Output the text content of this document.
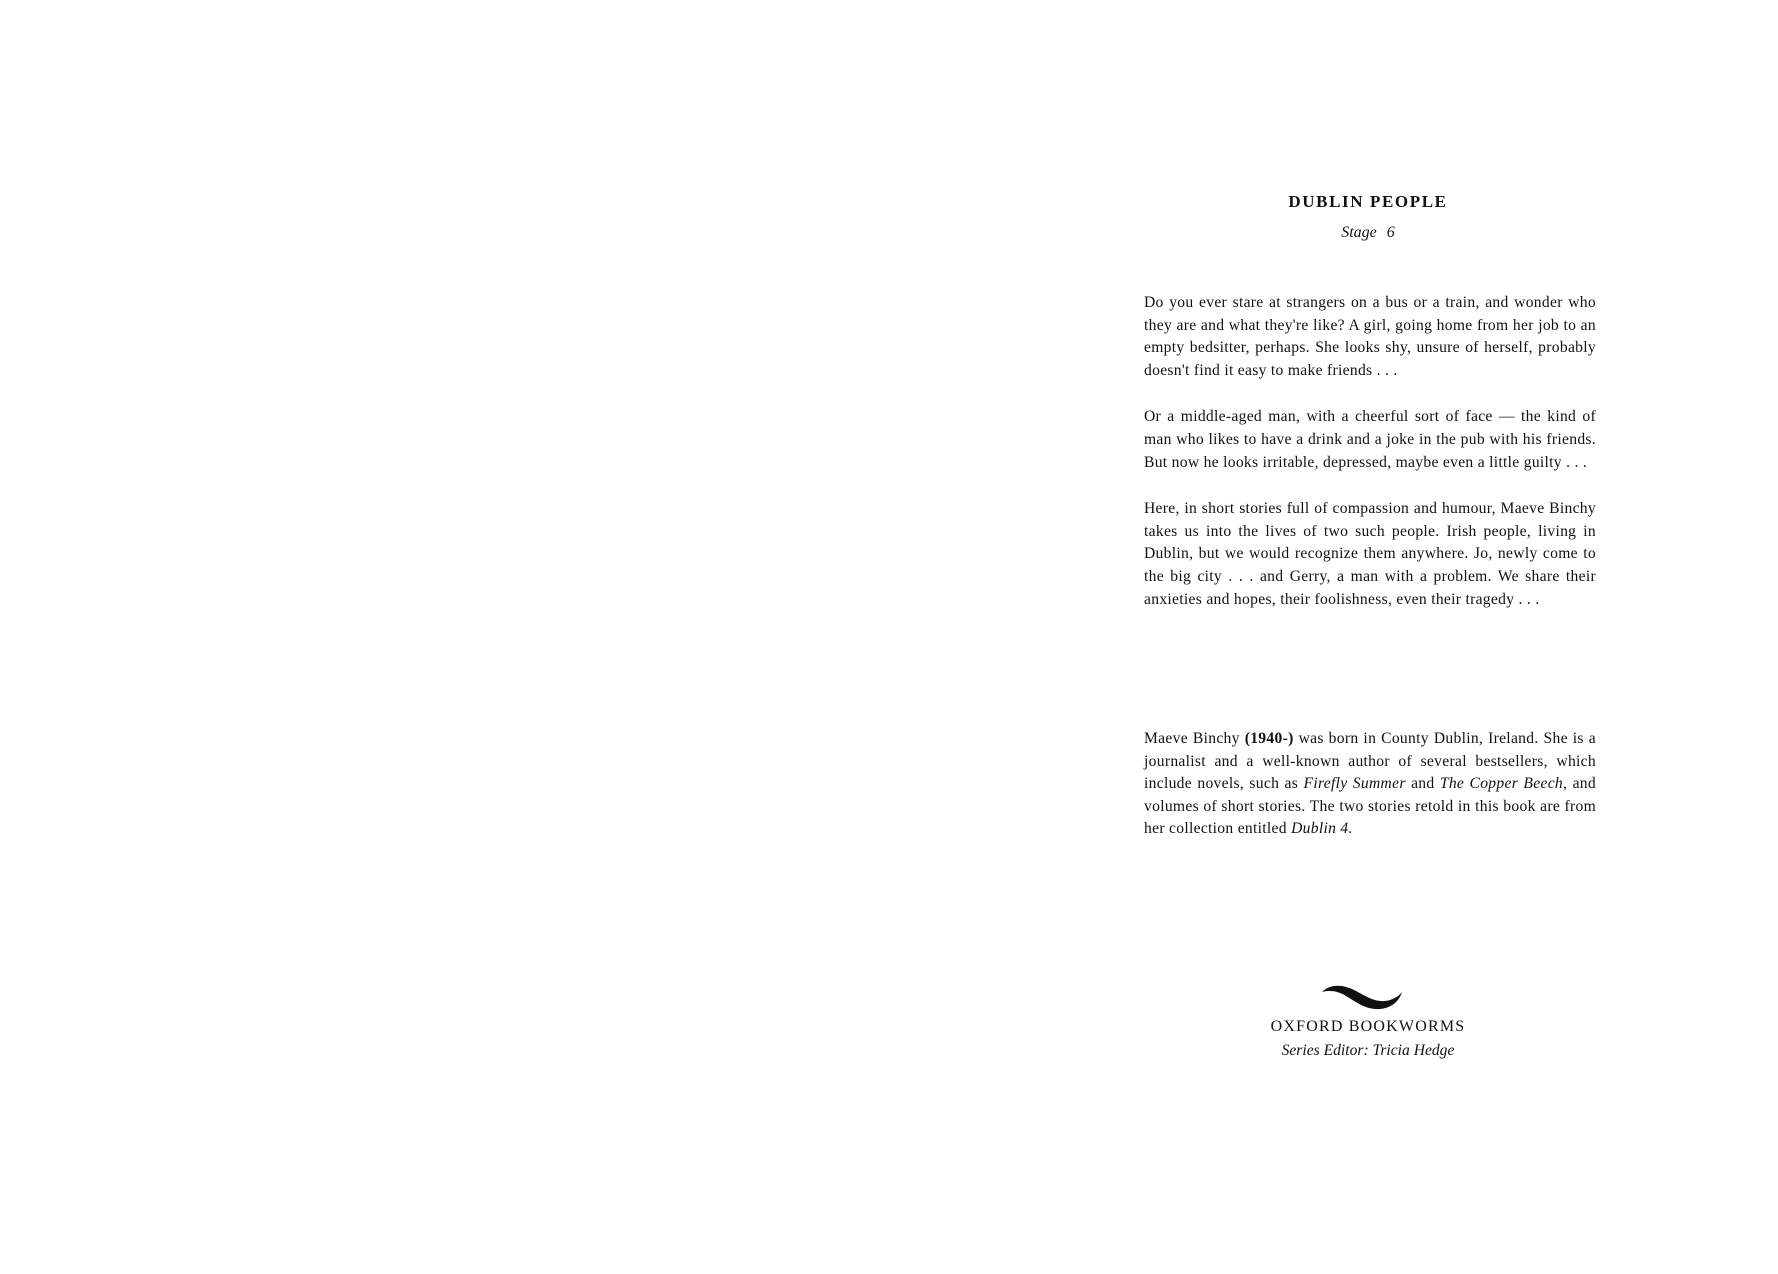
DUBLIN PEOPLE

Stage 6

Do you ever stare at strangers on a bus or a train, and wonder who they are and what they're like? A girl, going home from her job to an empty bedsitter, perhaps. She looks shy, unsure of herself, probably doesn't find it easy to make friends . . .

Or a middle-aged man, with a cheerful sort of face — the kind of man who likes to have a drink and a joke in the pub with his friends. But now he looks irritable, depressed, maybe even a little guilty . . .

Here, in short stories full of compassion and humour, Maeve Binchy takes us into the lives of two such people. Irish people, living in Dublin, but we would recognize them anywhere. Jo, newly come to the big city . . . and Gerry, a man with a problem. We share their anxieties and hopes, their foolishness, even their tragedy . . .

Maeve Binchy (1940-) was born in County Dublin, Ireland. She is a journalist and a well-known author of several bestsellers, which include novels, such as Firefly Summer and The Copper Beech, and volumes of short stories. The two stories retold in this book are from her collection entitled Dublin 4.

OXFORD BOOKWORMS

Series Editor: Tricia Hedge
